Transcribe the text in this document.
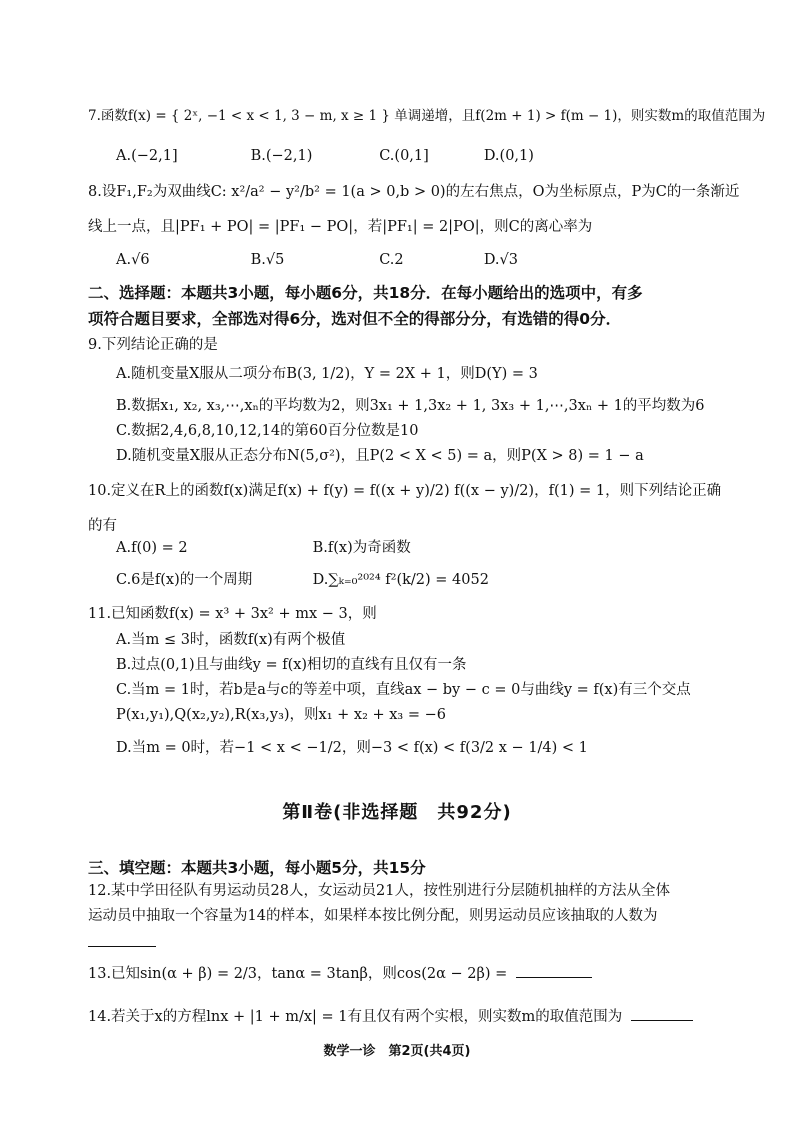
7.函数f(x) = { 2ˣ, −1 < x < 1, 3 − m, x ≥ 1 } 单调递增，且f(2m + 1) > f(m − 1)，则实数m的取值范围为
A.(−2,1]	B.(−2,1)	C.(0,1]	D.(0,1)
8.设F₁,F₂为双曲线C: x²/a² − y²/b² = 1(a > 0,b > 0)的左右焦点，O为坐标原点，P为C的一条渐近
线上一点，且|PF₁ + PO| = |PF₁ − PO|，若|PF₁| = 2|PO|，则C的离心率为
A.√6	B.√5	C.2	D.√3
二、选择题：本题共3小题，每小题6分，共18分．在每小题给出的选项中，有多
项符合题目要求，全部选对得6分，选对但不全的得部分分，有选错的得0分．
9.下列结论正确的是
A.随机变量X服从二项分布B(3, 1/2)，Y = 2X + 1，则D(Y) = 3
B.数据x₁, x₂, x₃,⋯,xₙ的平均数为2，则3x₁ + 1,3x₂ + 1, 3x₃ + 1,⋯,3xₙ + 1的平均数为6
C.数据2,4,6,8,10,12,14的第60百分位数是10
D.随机变量X服从正态分布N(5,σ²)，且P(2 < X < 5) = a，则P(X > 8) = 1 − a
10.定义在R上的函数f(x)满足f(x) + f(y) = f((x + y)/2) f((x − y)/2)，f(1) = 1，则下列结论正确
的有
A.f(0) = 2	B.f(x)为奇函数
C.6是f(x)的一个周期	D.∑ₖ₌₀²⁰²⁴ f²(k/2) = 4052
11.已知函数f(x) = x³ + 3x² + mx − 3，则
A.当m ≤ 3时，函数f(x)有两个极值
B.过点(0,1)且与曲线y = f(x)相切的直线有且仅有一条
C.当m = 1时，若b是a与c的等差中项，直线ax − by − c = 0与曲线y = f(x)有三个交点
P(x₁,y₁),Q(x₂,y₂),R(x₃,y₃)，则x₁ + x₂ + x₃ = −6
D.当m = 0时，若−1 < x < −1/2，则−3 < f(x) < f(3/2 x − 1/4) < 1
第Ⅱ卷(非选择题　共92分)
三、填空题：本题共3小题，每小题5分，共15分
12.某中学田径队有男运动员28人，女运动员21人，按性别进行分层随机抽样的方法从全体
运动员中抽取一个容量为14的样本，如果样本按比例分配，则男运动员应该抽取的人数为
13.已知sin(α + β) = 2/3，tanα = 3tanβ，则cos(2α − 2β) =
14.若关于x的方程lnx + |1 + m/x| = 1有且仅有两个实根，则实数m的取值范围为
数学一诊　第2页(共4页)
